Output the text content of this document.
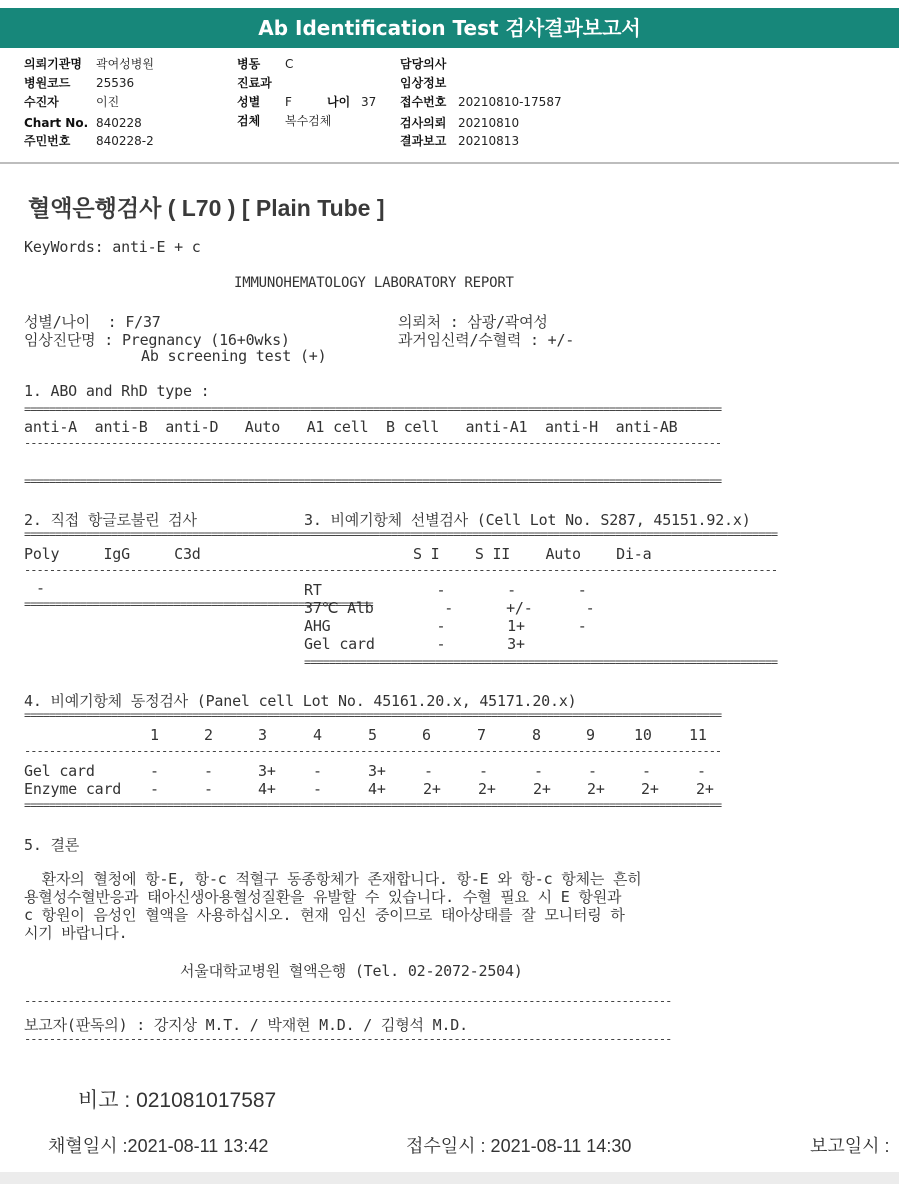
Ab Identification Test 검사결과보고서
의뢰기관명 곽여성병원
병원코드 25536
수진자	이진
Chart No. 840228
주민번호 840228-2
병동 C
진료과
성별 F	나이 37
검체 복수검체
담당의사
임상정보
접수번호 20210810-17587
검사의뢰 20210810
결과보고 20210813
혈액은행검사 ( L70 ) [ Plain Tube ]
KeyWords: anti-E + c
IMMUNOHEMATOLOGY LABORATORY REPORT
성별/나이  : F/37	의뢰처 : 삼광/곽여성
임상진단명 : Pregnancy (16+0wks)	과거임신력/수혈력 : +/-
Ab screening test (+)
1. ABO and RhD type :
================================================================================================================
anti-A  anti-B  anti-D   Auto   A1 cell  B cell   anti-A1  anti-H  anti-AB
----------------------------------------------------------------------------------------------------------------
================================================================================================================
2. 직접 항글로불린 검사
========================================================
Poly     IgG     C3d
--------------------------------------------------------
-
========================================================
3. 비예기항체 선별검사 (Cell Lot No. S287, 45151.92.x)
============================================================================
S I    S II    Auto    Di-a
----------------------------------------------------------------------------
RT             -       -       -
37℃ Alb        -      +/-      -
AHG            -       1+      -
Gel card       -       3+
============================================================================
4. 비예기항체 동정검사 (Panel cell Lot No. 45161.20.x, 45171.20.x)
================================================================================================================
1	2	3	4	5	6	7	8	9	10 11
----------------------------------------------------------------------------------------------------------------
Gel card	-	-	3+ -	3+	-	-	-	-	-	-
Enzyme card -	-	4+ -	4+ 2+ 2+ 2+ 2+ 2+ 2+
================================================================================================================
5. 결론
환자의 혈청에 항-E, 항-c 적혈구 동종항체가 존재합니다. 항-E 와 항-c 항체는 흔히
용혈성수혈반응과 태아신생아용혈성질환을 유발할 수 있습니다. 수혈 필요 시 E 항원과
c 항원이 음성인 혈액을 사용하십시오. 현재 임신 중이므로 태아상태를 잘 모니터링 하
시기 바랍니다.
서울대학교병원 혈액은행 (Tel. 02-2072-2504)
--------------------------------------------------------------------------------------------------------
보고자(판독의) : 강지상 M.T. / 박재현 M.D. / 김형석 M.D.
--------------------------------------------------------------------------------------------------------
비고 : 021081017587
채혈일시 :2021-08-11 13:42	접수일시 : 2021-08-11 14:30	보고일시 :
